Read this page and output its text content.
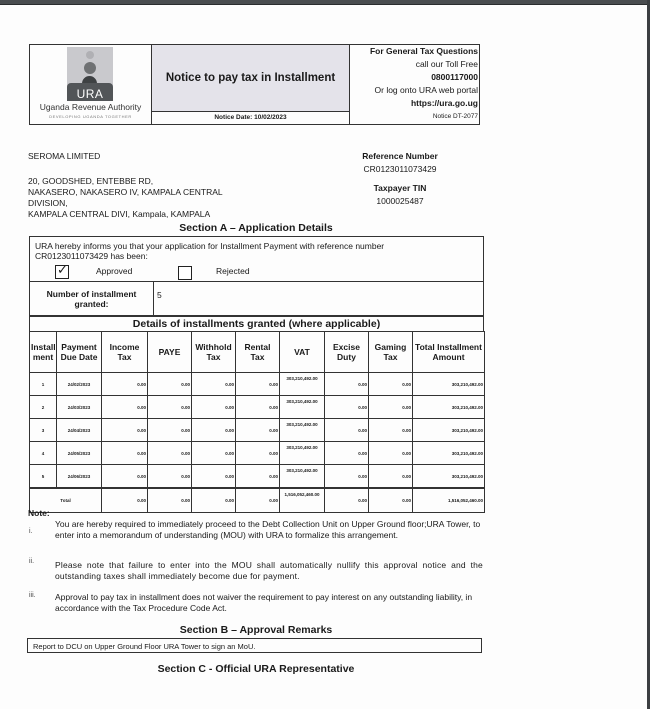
URA
Uganda Revenue Authority
DEVELOPING UGANDA TOGETHER
Notice to pay tax in Installment
Notice Date: 10/02/2023
For General Tax Questions
call our Toll Free
0800117000
Or log onto URA web portal
https://ura.go.ug
Notice DT-2077
SEROMA LIMITED
20, GOODSHED, ENTEBBE RD,
NAKASERO, NAKASERO IV, KAMPALA CENTRAL
DIVISION,
KAMPALA CENTRAL DIVI, Kampala, KAMPALA
Reference Number
CR0123011073429
Taxpayer TIN
1000025487
Section A – Application Details
URA hereby informs you that your application for Installment Payment with reference number
CR0123011073429 has been:
✓	Approved	Rejected
Number of installment granted:
5
Details of installments granted (where applicable)
Install ment	Payment Due Date	Income Tax	PAYE	Withhold Tax	Rental Tax	VAT	Excise Duty	Gaming Tax	Total Installment Amount
1	24/02/2023	0.00	0.00	0.00	0.00	303,210,492.00	0.00	0.00	303,210,492.00
2	24/03/2023	0.00	0.00	0.00	0.00	303,210,492.00	0.00	0.00	303,210,492.00
3	24/04/2023	0.00	0.00	0.00	0.00	303,210,492.00	0.00	0.00	303,210,492.00
4	24/05/2023	0.00	0.00	0.00	0.00	303,210,492.00	0.00	0.00	303,210,492.00
5	24/06/2023	0.00	0.00	0.00	0.00	303,210,492.00	0.00	0.00	303,210,492.00
Total		0.00	0.00	0.00	0.00	1,516,052,460.00	0.00	0.00	1,516,052,460.00
Note:
i.
You are hereby required to immediately proceed to the Debt Collection Unit on Upper Ground floor;URA Tower, to enter into a memorandum of understanding (MOU) with URA to formalize this arrangement.
ii. Please note that failure to enter into the MOU shall automatically nullify this approval notice and the outstanding taxes shall immediately become due for payment.
iii. Approval to pay tax in installment does not waiver the requirement to pay interest on any outstanding liability, in accordance with the Tax Procedure Code Act.
Section B – Approval Remarks
Report to DCU on Upper Ground Floor URA Tower to sign an MoU.
Section C - Official URA Representative
